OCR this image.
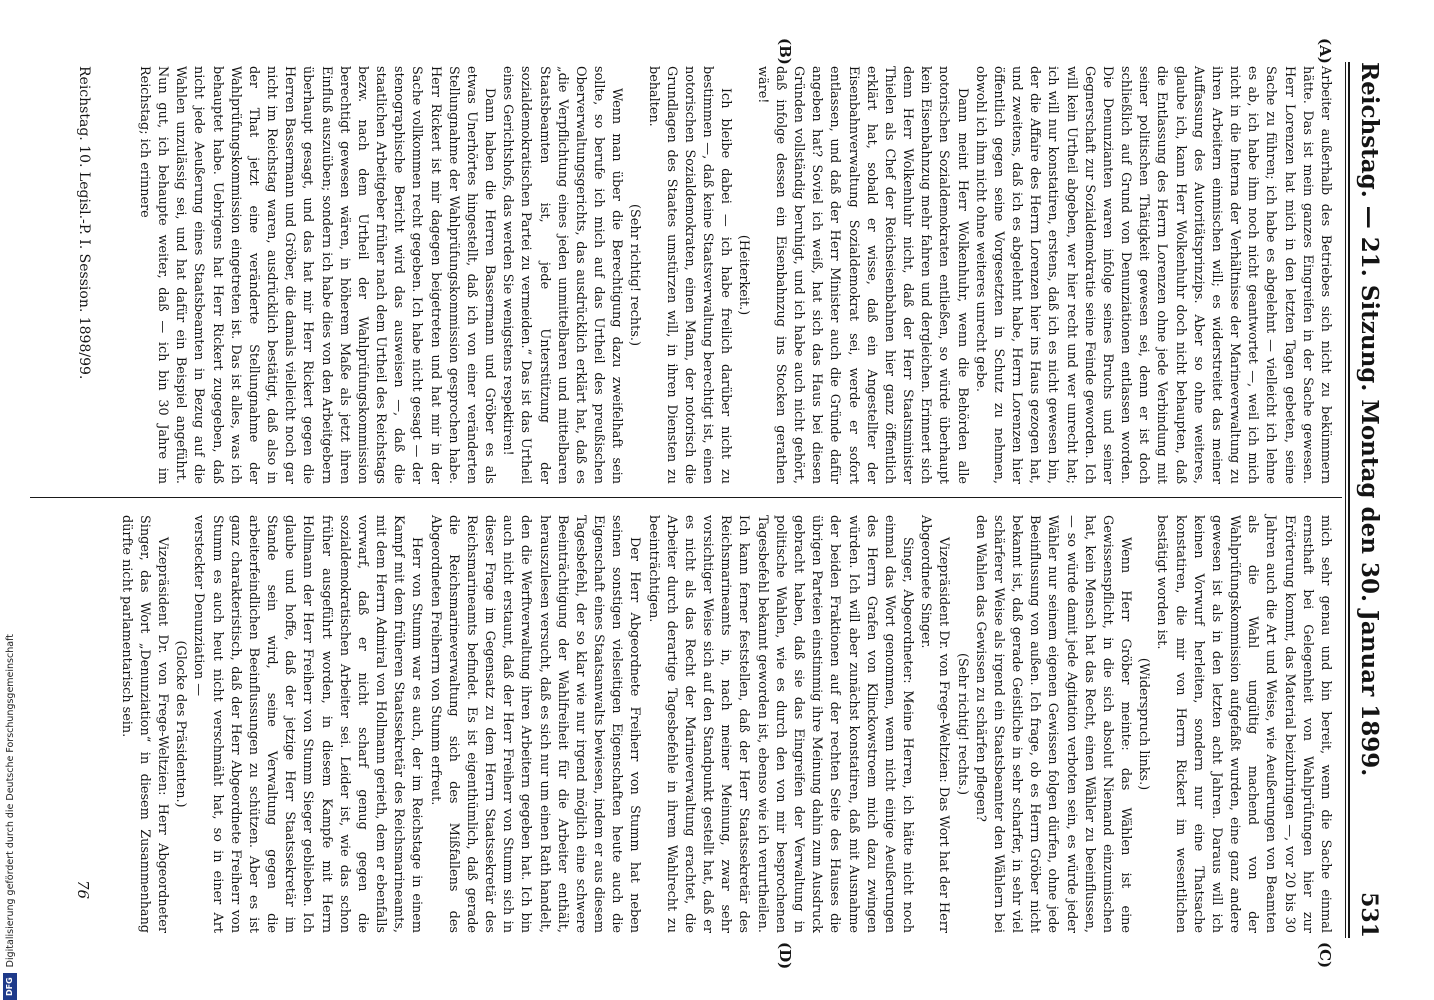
Reichstag. — 21. Sitzung. Montag den 30. Januar 1899.
531
(A)
(B)
(C)
(D)

Arbeiter außerhalb des Betriebes sich nicht zu bekümmern hätte. Das ist mein ganzes Eingreifen in der Sache gewesen. Herr Lorenzen hat mich in den letzten Tagen gebeten, seine Sache zu führen; ich habe es abgelehnt — vielleicht ich lehne es ab, ich habe ihm noch nicht geantwortet —, weil ich mich nicht in die Interna der Verhältnisse der Marineverwaltung zu ihren Arbeitern einmischen will; es widerstreitet das meiner Auffassung des Autoritätsprinzips. Aber so ohne weiteres, glaube ich, kann Herr Wolkenhuhr doch nicht behaupten, daß die Entlassung des Herrn Lorenzen ohne jede Verbindung mit seiner politischen Thätigkeit gewesen sei, denn er ist doch schließlich auf Grund von Denunziationen entlassen worden. Die Denunzianten waren infolge seines Bruchs und seiner Gegnerschaft zur Sozialdemokratie seine Feinde geworden. Ich will kein Urtheil abgeben, wer hier recht und wer unrecht hat; ich will nur konstatiren, erstens, daß ich es nicht gewesen bin, der die Affaire des Herrn Lorenzen hier ins Haus gezogen hat, und zweitens, daß ich es abgelehnt habe, Herrn Lorenzen hier öffentlich gegen seine Vorgesetzten in Schutz zu nehmen, obwohl ich ihm nicht ohne weiteres unrecht gebe.

Dann meint Herr Wolkenhuhr, wenn die Behörden alle notorischen Sozialdemokraten entließen, so würde überhaupt kein Eisenbahnzug mehr fahren und dergleichen. Erinnert sich denn Herr Wolkenhuhr nicht, daß der Herr Staatsminister Thielen als Chef der Reichseisenbahnen hier ganz öffentlich erklärt hat, sobald er wisse, daß ein Angestellter der Eisenbahnverwaltung Sozialdemokrat sei, werde er sofort entlassen, und daß der Herr Minister auch die Gründe dafür angeben hat? Soviel ich weiß, hat sich das Haus bei diesen Gründen vollständig beruhigt, und ich habe auch nicht gehört, daß infolge dessen ein Eisenbahnzug ins Stocken gerathen wäre!

(Heiterkeit.)

Ich bleibe dabei — ich habe freilich darüber nicht zu bestimmen —, daß keine Staatsverwaltung berechtigt ist, einen notorischen Sozialdemokraten, einen Mann, der notorisch die Grundlagen des Staates umstürzen will, in ihren Diensten zu behalten.

(Sehr richtig! rechts.)

Wenn man über die Berechtigung dazu zweifelhaft sein sollte, so berufe ich mich auf das Urtheil des preußischen Oberverwaltungsgerichts, das ausdrücklich erklärt hat, daß es „die Verpflichtung eines jeden unmittelbaren und mittelbaren Staatsbeamten ist, jede Unterstützung der sozialdemokratischen Partei zu vermeiden.“ Das ist das Urtheil eines Gerichtshofs, das werden Sie wenigstens respektiren!

Dann haben die Herren Bassermann und Gröber es als etwas Unerhörtes hingestellt, daß ich von einer veränderten Stellungnahme der Wahlprüfungskommission gesprochen habe. Herr Rickert ist mir dagegen beigetreten und hat mir in der Sache vollkommen recht gegeben. Ich habe nicht gesagt — der stenographische Bericht wird das ausweisen —, daß die staatlichen Arbeitgeber früher nach dem Urtheil des Reichstags bezw. nach dem Urtheil der Wahlprüfungskommission berechtigt gewesen wären, in höherem Maße als jetzt ihren Einfluß auszuüben; sondern ich habe dies von den Arbeitgebern überhaupt gesagt, und das hat mir Herr Rickert gegen die Herren Bassermann und Gröber, die damals vielleicht noch gar nicht im Reichstag waren, ausdrücklich bestätigt, daß also in der That jetzt eine veränderte Stellungnahme der Wahlprüfungskommission eingetreten ist. Das ist alles, was ich behauptet habe. Uebrigens hat Herr Rickert zugegeben, daß nicht jede Aeußerung eines Staatsbeamten in Bezug auf die Wahlen unzulässig sei, und hat dafür ein Beispiel angeführt. Nun gut, ich behaupte weiter, daß — ich bin 30 Jahre im Reichstag; ich erinnere

mich sehr genau und bin bereit, wenn die Sache einmal ernsthaft bei Gelegenheit von Wahlprüfungen hier zur Erörterung kommt, das Material beizubringen —, vor 20 bis 30 Jahren auch die Art und Weise, wie Aeußerungen von Beamten als die Wahl ungültig machend von der Wahlprüfungskommission aufgefaßt wurden, eine ganz andere gewesen ist als in den letzten acht Jahren. Daraus will ich keinen Vorwurf herleiten, sondern nur eine Thatsache konstatiren, die mir von Herrn Rickert im wesentlichen bestätigt worden ist.

(Widerspruch links.)

Wenn Herr Gröber meinte: das Wählen ist eine Gewissenspflicht, in die sich absolut Niemand einzumischen hat, kein Mensch hat das Recht, einen Wähler zu beeinflussen, — so würde damit jede Agitation verboten sein, es würde jeder Wähler nur seinem eigenen Gewissen folgen dürfen, ohne jede Beeinflussung von außen. Ich frage, ob es Herrn Gröber nicht bekannt ist, daß gerade Geistliche in sehr scharfer, in sehr viel schärferer Weise als irgend ein Staatsbeamter den Wählern bei den Wahlen das Gewissen zu schärfen pflegen?

(Sehr richtig! rechts.)

Vizepräsident Dr. von Frege-Weltzien: Das Wort hat der Herr Abgeordnete Singer.

Singer, Abgeordneter: Meine Herren, ich hätte nicht noch einmal das Wort genommen, wenn nicht einige Aeußerungen des Herrn Grafen von Klinckowstroem mich dazu zwingen würden. Ich will aber zunächst konstatiren, daß mit Ausnahme der beiden Fraktionen auf der rechten Seite des Hauses die übrigen Parteien einstimmig ihre Meinung dahin zum Ausdruck gebracht haben, daß sie das Eingreifen der Verwaltung in politische Wahlen, wie es durch den von mir besprochenen Tagesbefehl bekannt geworden ist, ebenso wie ich verurtheilen. Ich kann ferner feststellen, daß der Herr Staatssekretär des Reichsmarineamts in, nach meiner Meinung, zwar sehr vorsichtiger Weise sich auf den Standpunkt gestellt hat, daß er es nicht als das Recht der Marineverwaltung erachtet, die Arbeiter durch derartige Tagesbefehle in ihrem Wahlrecht zu beeinträchtigen.

Der Herr Abgeordnete Freiherr von Stumm hat neben seinen sonstigen vielseitigen Eigenschaften heute auch die Eigenschaft eines Staatsanwalts bewiesen, indem er aus diesem Tagesbefehl, der so klar wie nur irgend möglich eine schwere Beeinträchtigung der Wahlfreiheit für die Arbeiter enthält, herauszulesen versucht, daß es sich nur um einen Rath handelt, den die Werftverwaltung ihren Arbeitern gegeben hat. Ich bin auch nicht erstaunt, daß der Herr Freiherr von Stumm sich in dieser Frage im Gegensatz zu dem Herrn Staatssekretär des Reichsmarineamts befindet. Es ist eigenthümlich, daß gerade die Reichsmarineverwaltung sich des Mißfallens des Abgeordneten Freiherrn von Stumm erfreut.

Herr von Stumm war es auch, der im Reichstage in einem Kampf mit dem früheren Staatssekretär des Reichsmarineamts, mit dem Herrn Admiral von Hollmann gerieth, dem er ebenfalls vorwarf, daß er nicht scharf genug gegen die sozialdemokratischen Arbeiter sei. Leider ist, wie das schon früher ausgeführt worden, in diesem Kampfe mit Herrn Hollmann der Herr Freiherr von Stumm Sieger geblieben. Ich glaube und hoffe, daß der jetzige Herr Staatssekretär im Stande sein wird, seine Verwaltung gegen die arbeiterfeindlichen Beeinflussungen zu schützen. Aber es ist ganz charakteristisch, daß der Herr Abgeordnete Freiherr von Stumm es auch heut nicht verschmäht hat, so in einer Art versteckter Denunziation —

(Glocke des Präsidenten.)

Vizepräsident Dr. von Frege-Weltzien: Herr Abgeordneter Singer, das Wort „Denunziation“ in diesem Zusammenhang dürfte nicht parlamentarisch sein.

Reichstag. 10. Legisl.-P. I. Session. 1898/99.
76
DFG
Digitalisierung gefördert durch die Deutsche Forschungsgemeinschaft
